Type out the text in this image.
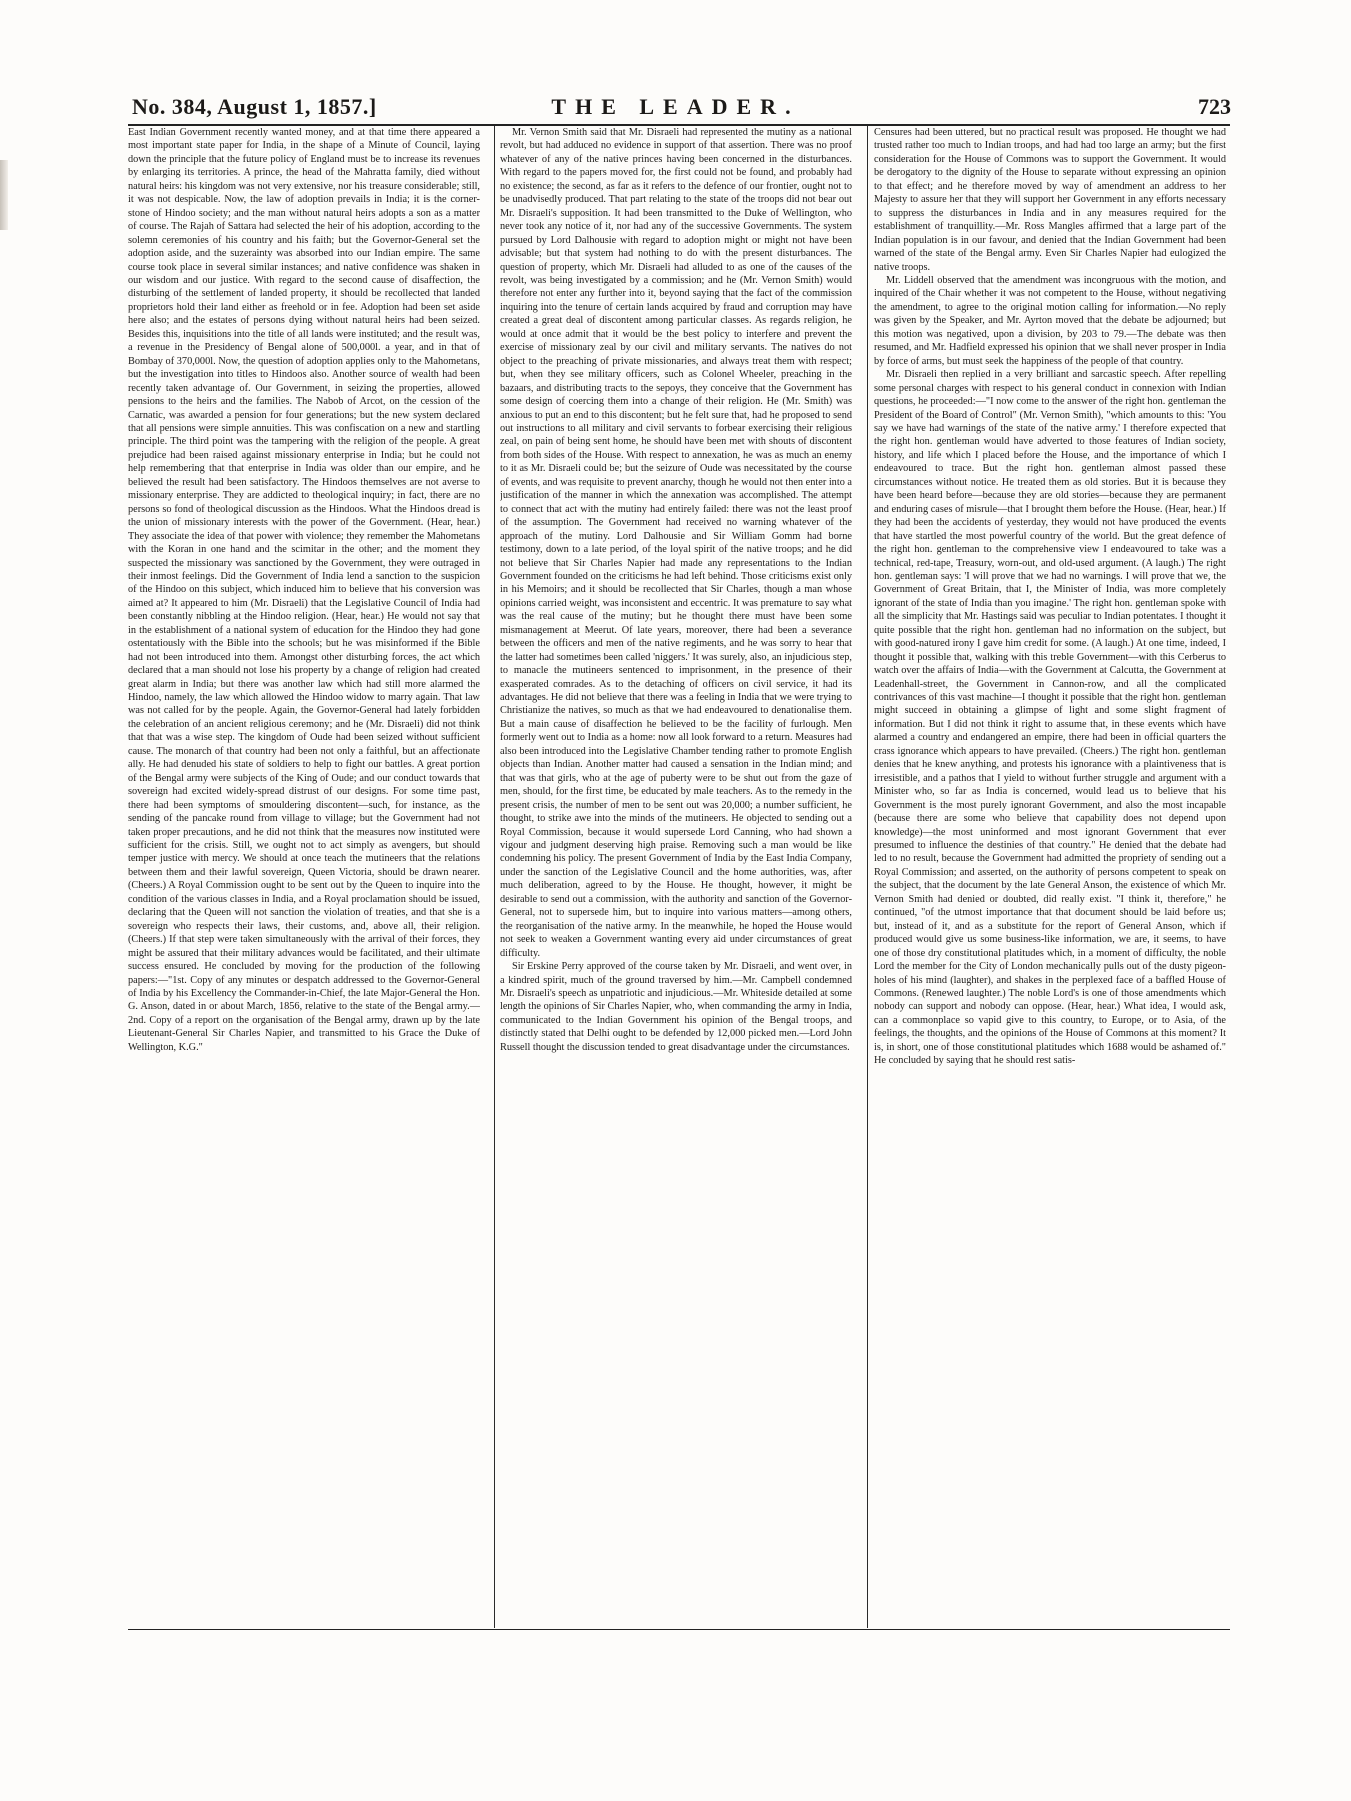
No. 384, August 1, 1857.]	THE LEADER.	723

East Indian Government recently wanted money, and at that time there appeared a most important state paper for India, in the shape of a Minute of Council, laying down the principle that the future policy of England must be to increase its revenues by enlarging its territories. A prince, the head of the Mahratta family, died without natural heirs: his kingdom was not very extensive, nor his treasure considerable; still, it was not despicable. Now, the law of adoption prevails in India; it is the corner-stone of Hindoo society; and the man without natural heirs adopts a son as a matter of course. The Rajah of Sattara had selected the heir of his adoption, according to the solemn ceremonies of his country and his faith; but the Governor-General set the adoption aside, and the suzerainty was absorbed into our Indian empire. The same course took place in several similar instances; and native confidence was shaken in our wisdom and our justice. With regard to the second cause of disaffection, the disturbing of the settlement of landed property, it should be recollected that landed proprietors hold their land either as freehold or in fee. Adoption had been set aside here also; and the estates of persons dying without natural heirs had been seized. Besides this, inquisitions into the title of all lands were instituted; and the result was, a revenue in the Presidency of Bengal alone of 500,000l. a year, and in that of Bombay of 370,000l. Now, the question of adoption applies only to the Mahometans, but the investigation into titles to Hindoos also. Another source of wealth had been recently taken advantage of. Our Government, in seizing the properties, allowed pensions to the heirs and the families. The Nabob of Arcot, on the cession of the Carnatic, was awarded a pension for four generations; but the new system declared that all pensions were simple annuities. This was confiscation on a new and startling principle. The third point was the tampering with the religion of the people. A great prejudice had been raised against missionary enterprise in India; but he could not help remembering that that enterprise in India was older than our empire, and he believed the result had been satisfactory. The Hindoos themselves are not averse to missionary enterprise. They are addicted to theological inquiry; in fact, there are no persons so fond of theological discussion as the Hindoos. What the Hindoos dread is the union of missionary interests with the power of the Government. (Hear, hear.) They associate the idea of that power with violence; they remember the Mahometans with the Koran in one hand and the scimitar in the other; and the moment they suspected the missionary was sanctioned by the Government, they were outraged in their inmost feelings. Did the Government of India lend a sanction to the suspicion of the Hindoo on this subject, which induced him to believe that his conversion was aimed at? It appeared to him (Mr. Disraeli) that the Legislative Council of India had been constantly nibbling at the Hindoo religion. (Hear, hear.) He would not say that in the establishment of a national system of education for the Hindoo they had gone ostentatiously with the Bible into the schools; but he was misinformed if the Bible had not been introduced into them. Amongst other disturbing forces, the act which declared that a man should not lose his property by a change of religion had created great alarm in India; but there was another law which had still more alarmed the Hindoo, namely, the law which allowed the Hindoo widow to marry again. That law was not called for by the people. Again, the Governor-General had lately forbidden the celebration of an ancient religious ceremony; and he (Mr. Disraeli) did not think that that was a wise step. The kingdom of Oude had been seized without sufficient cause. The monarch of that country had been not only a faithful, but an affectionate ally. He had denuded his state of soldiers to help to fight our battles. A great portion of the Bengal army were subjects of the King of Oude; and our conduct towards that sovereign had excited widely-spread distrust of our designs. For some time past, there had been symptoms of smouldering discontent—such, for instance, as the sending of the pancake round from village to village; but the Government had not taken proper precautions, and he did not think that the measures now instituted were sufficient for the crisis. Still, we ought not to act simply as avengers, but should temper justice with mercy. We should at once teach the mutineers that the relations between them and their lawful sovereign, Queen Victoria, should be drawn nearer. (Cheers.) A Royal Commission ought to be sent out by the Queen to inquire into the condition of the various classes in India, and a Royal proclamation should be issued, declaring that the Queen will not sanction the violation of treaties, and that she is a sovereign who respects their laws, their customs, and, above all, their religion. (Cheers.) If that step were taken simultaneously with the arrival of their forces, they might be assured that their military advances would be facilitated, and their ultimate success ensured. He concluded by moving for the production of the following papers:—"1st. Copy of any minutes or despatch addressed to the Governor-General of India by his Excellency the Commander-in-Chief, the late Major-General the Hon. G. Anson, dated in or about March, 1856, relative to the state of the Bengal army.—2nd. Copy of a report on the organisation of the Bengal army, drawn up by the late Lieutenant-General Sir Charles Napier, and transmitted to his Grace the Duke of Wellington, K.G."

Mr. Vernon Smith said that Mr. Disraeli had represented the mutiny as a national revolt, but had adduced no evidence in support of that assertion. There was no proof whatever of any of the native princes having been concerned in the disturbances. With regard to the papers moved for, the first could not be found, and probably had no existence; the second, as far as it refers to the defence of our frontier, ought not to be unadvisedly produced. That part relating to the state of the troops did not bear out Mr. Disraeli's supposition. It had been transmitted to the Duke of Wellington, who never took any notice of it, nor had any of the successive Governments. The system pursued by Lord Dalhousie with regard to adoption might or might not have been advisable; but that system had nothing to do with the present disturbances. The question of property, which Mr. Disraeli had alluded to as one of the causes of the revolt, was being investigated by a commission; and he (Mr. Vernon Smith) would therefore not enter any further into it, beyond saying that the fact of the commission inquiring into the tenure of certain lands acquired by fraud and corruption may have created a great deal of discontent among particular classes. As regards religion, he would at once admit that it would be the best policy to interfere and prevent the exercise of missionary zeal by our civil and military servants. The natives do not object to the preaching of private missionaries, and always treat them with respect; but, when they see military officers, such as Colonel Wheeler, preaching in the bazaars, and distributing tracts to the sepoys, they conceive that the Government has some design of coercing them into a change of their religion. He (Mr. Smith) was anxious to put an end to this discontent; but he felt sure that, had he proposed to send out instructions to all military and civil servants to forbear exercising their religious zeal, on pain of being sent home, he should have been met with shouts of discontent from both sides of the House. With respect to annexation, he was as much an enemy to it as Mr. Disraeli could be; but the seizure of Oude was necessitated by the course of events, and was requisite to prevent anarchy, though he would not then enter into a justification of the manner in which the annexation was accomplished. The attempt to connect that act with the mutiny had entirely failed: there was not the least proof of the assumption. The Government had received no warning whatever of the approach of the mutiny. Lord Dalhousie and Sir William Gomm had borne testimony, down to a late period, of the loyal spirit of the native troops; and he did not believe that Sir Charles Napier had made any representations to the Indian Government founded on the criticisms he had left behind. Those criticisms exist only in his Memoirs; and it should be recollected that Sir Charles, though a man whose opinions carried weight, was inconsistent and eccentric. It was premature to say what was the real cause of the mutiny; but he thought there must have been some mismanagement at Meerut. Of late years, moreover, there had been a severance between the officers and men of the native regiments, and he was sorry to hear that the latter had sometimes been called 'niggers.' It was surely, also, an injudicious step, to manacle the mutineers sentenced to imprisonment, in the presence of their exasperated comrades. As to the detaching of officers on civil service, it had its advantages. He did not believe that there was a feeling in India that we were trying to Christianize the natives, so much as that we had endeavoured to denationalise them. But a main cause of disaffection he believed to be the facility of furlough. Men formerly went out to India as a home: now all look forward to a return. Measures had also been introduced into the Legislative Chamber tending rather to promote English objects than Indian. Another matter had caused a sensation in the Indian mind; and that was that girls, who at the age of puberty were to be shut out from the gaze of men, should, for the first time, be educated by male teachers. As to the remedy in the present crisis, the number of men to be sent out was 20,000; a number sufficient, he thought, to strike awe into the minds of the mutineers. He objected to sending out a Royal Commission, because it would supersede Lord Canning, who had shown a vigour and judgment deserving high praise. Removing such a man would be like condemning his policy. The present Government of India by the East India Company, under the sanction of the Legislative Council and the home authorities, was, after much deliberation, agreed to by the House. He thought, however, it might be desirable to send out a commission, with the authority and sanction of the Governor-General, not to supersede him, but to inquire into various matters—among others, the reorganisation of the native army. In the meanwhile, he hoped the House would not seek to weaken a Government wanting every aid under circumstances of great difficulty.

Sir Erskine Perry approved of the course taken by Mr. Disraeli, and went over, in a kindred spirit, much of the ground traversed by him.—Mr. Campbell condemned Mr. Disraeli's speech as unpatriotic and injudicious.—Mr. Whiteside detailed at some length the opinions of Sir Charles Napier, who, when commanding the army in India, communicated to the Indian Government his opinion of the Bengal troops, and distinctly stated that Delhi ought to be defended by 12,000 picked men.—Lord John Russell thought the discussion tended to great disadvantage under the circumstances.

Censures had been uttered, but no practical result was proposed. He thought we had trusted rather too much to Indian troops, and had had too large an army; but the first consideration for the House of Commons was to support the Government. It would be derogatory to the dignity of the House to separate without expressing an opinion to that effect; and he therefore moved by way of amendment an address to her Majesty to assure her that they will support her Government in any efforts necessary to suppress the disturbances in India and in any measures required for the establishment of tranquillity.—Mr. Ross Mangles affirmed that a large part of the Indian population is in our favour, and denied that the Indian Government had been warned of the state of the Bengal army. Even Sir Charles Napier had eulogized the native troops.

Mr. Liddell observed that the amendment was incongruous with the motion, and inquired of the Chair whether it was not competent to the House, without negativing the amendment, to agree to the original motion calling for information.—No reply was given by the Speaker, and Mr. Ayrton moved that the debate be adjourned; but this motion was negatived, upon a division, by 203 to 79.—The debate was then resumed, and Mr. Hadfield expressed his opinion that we shall never prosper in India by force of arms, but must seek the happiness of the people of that country.

Mr. Disraeli then replied in a very brilliant and sarcastic speech. After repelling some personal charges with respect to his general conduct in connexion with Indian questions, he proceeded:—"I now come to the answer of the right hon. gentleman the President of the Board of Control" (Mr. Vernon Smith), "which amounts to this: 'You say we have had warnings of the state of the native army.' I therefore expected that the right hon. gentleman would have adverted to those features of Indian society, history, and life which I placed before the House, and the importance of which I endeavoured to trace. But the right hon. gentleman almost passed these circumstances without notice. He treated them as old stories. But it is because they have been heard before—because they are old stories—because they are permanent and enduring cases of misrule—that I brought them before the House. (Hear, hear.) If they had been the accidents of yesterday, they would not have produced the events that have startled the most powerful country of the world. But the great defence of the right hon. gentleman to the comprehensive view I endeavoured to take was a technical, red-tape, Treasury, worn-out, and old-used argument. (A laugh.) The right hon. gentleman says: 'I will prove that we had no warnings. I will prove that we, the Government of Great Britain, that I, the Minister of India, was more completely ignorant of the state of India than you imagine.' The right hon. gentleman spoke with all the simplicity that Mr. Hastings said was peculiar to Indian potentates. I thought it quite possible that the right hon. gentleman had no information on the subject, but with good-natured irony I gave him credit for some. (A laugh.) At one time, indeed, I thought it possible that, walking with this treble Government—with this Cerberus to watch over the affairs of India—with the Government at Calcutta, the Government at Leadenhall-street, the Government in Cannon-row, and all the complicated contrivances of this vast machine—I thought it possible that the right hon. gentleman might succeed in obtaining a glimpse of light and some slight fragment of information. But I did not think it right to assume that, in these events which have alarmed a country and endangered an empire, there had been in official quarters the crass ignorance which appears to have prevailed. (Cheers.) The right hon. gentleman denies that he knew anything, and protests his ignorance with a plaintiveness that is irresistible, and a pathos that I yield to without further struggle and argument with a Minister who, so far as India is concerned, would lead us to believe that his Government is the most purely ignorant Government, and also the most incapable (because there are some who believe that capability does not depend upon knowledge)—the most uninformed and most ignorant Government that ever presumed to influence the destinies of that country." He denied that the debate had led to no result, because the Government had admitted the propriety of sending out a Royal Commission; and asserted, on the authority of persons competent to speak on the subject, that the document by the late General Anson, the existence of which Mr. Vernon Smith had denied or doubted, did really exist. "I think it, therefore," he continued, "of the utmost importance that that document should be laid before us; but, instead of it, and as a substitute for the report of General Anson, which if produced would give us some business-like information, we are, it seems, to have one of those dry constitutional platitudes which, in a moment of difficulty, the noble Lord the member for the City of London mechanically pulls out of the dusty pigeon-holes of his mind (laughter), and shakes in the perplexed face of a baffled House of Commons. (Renewed laughter.) The noble Lord's is one of those amendments which nobody can support and nobody can oppose. (Hear, hear.) What idea, I would ask, can a commonplace so vapid give to this country, to Europe, or to Asia, of the feelings, the thoughts, and the opinions of the House of Commons at this moment? It is, in short, one of those constitutional platitudes which 1688 would be ashamed of." He concluded by saying that he should rest satis-
